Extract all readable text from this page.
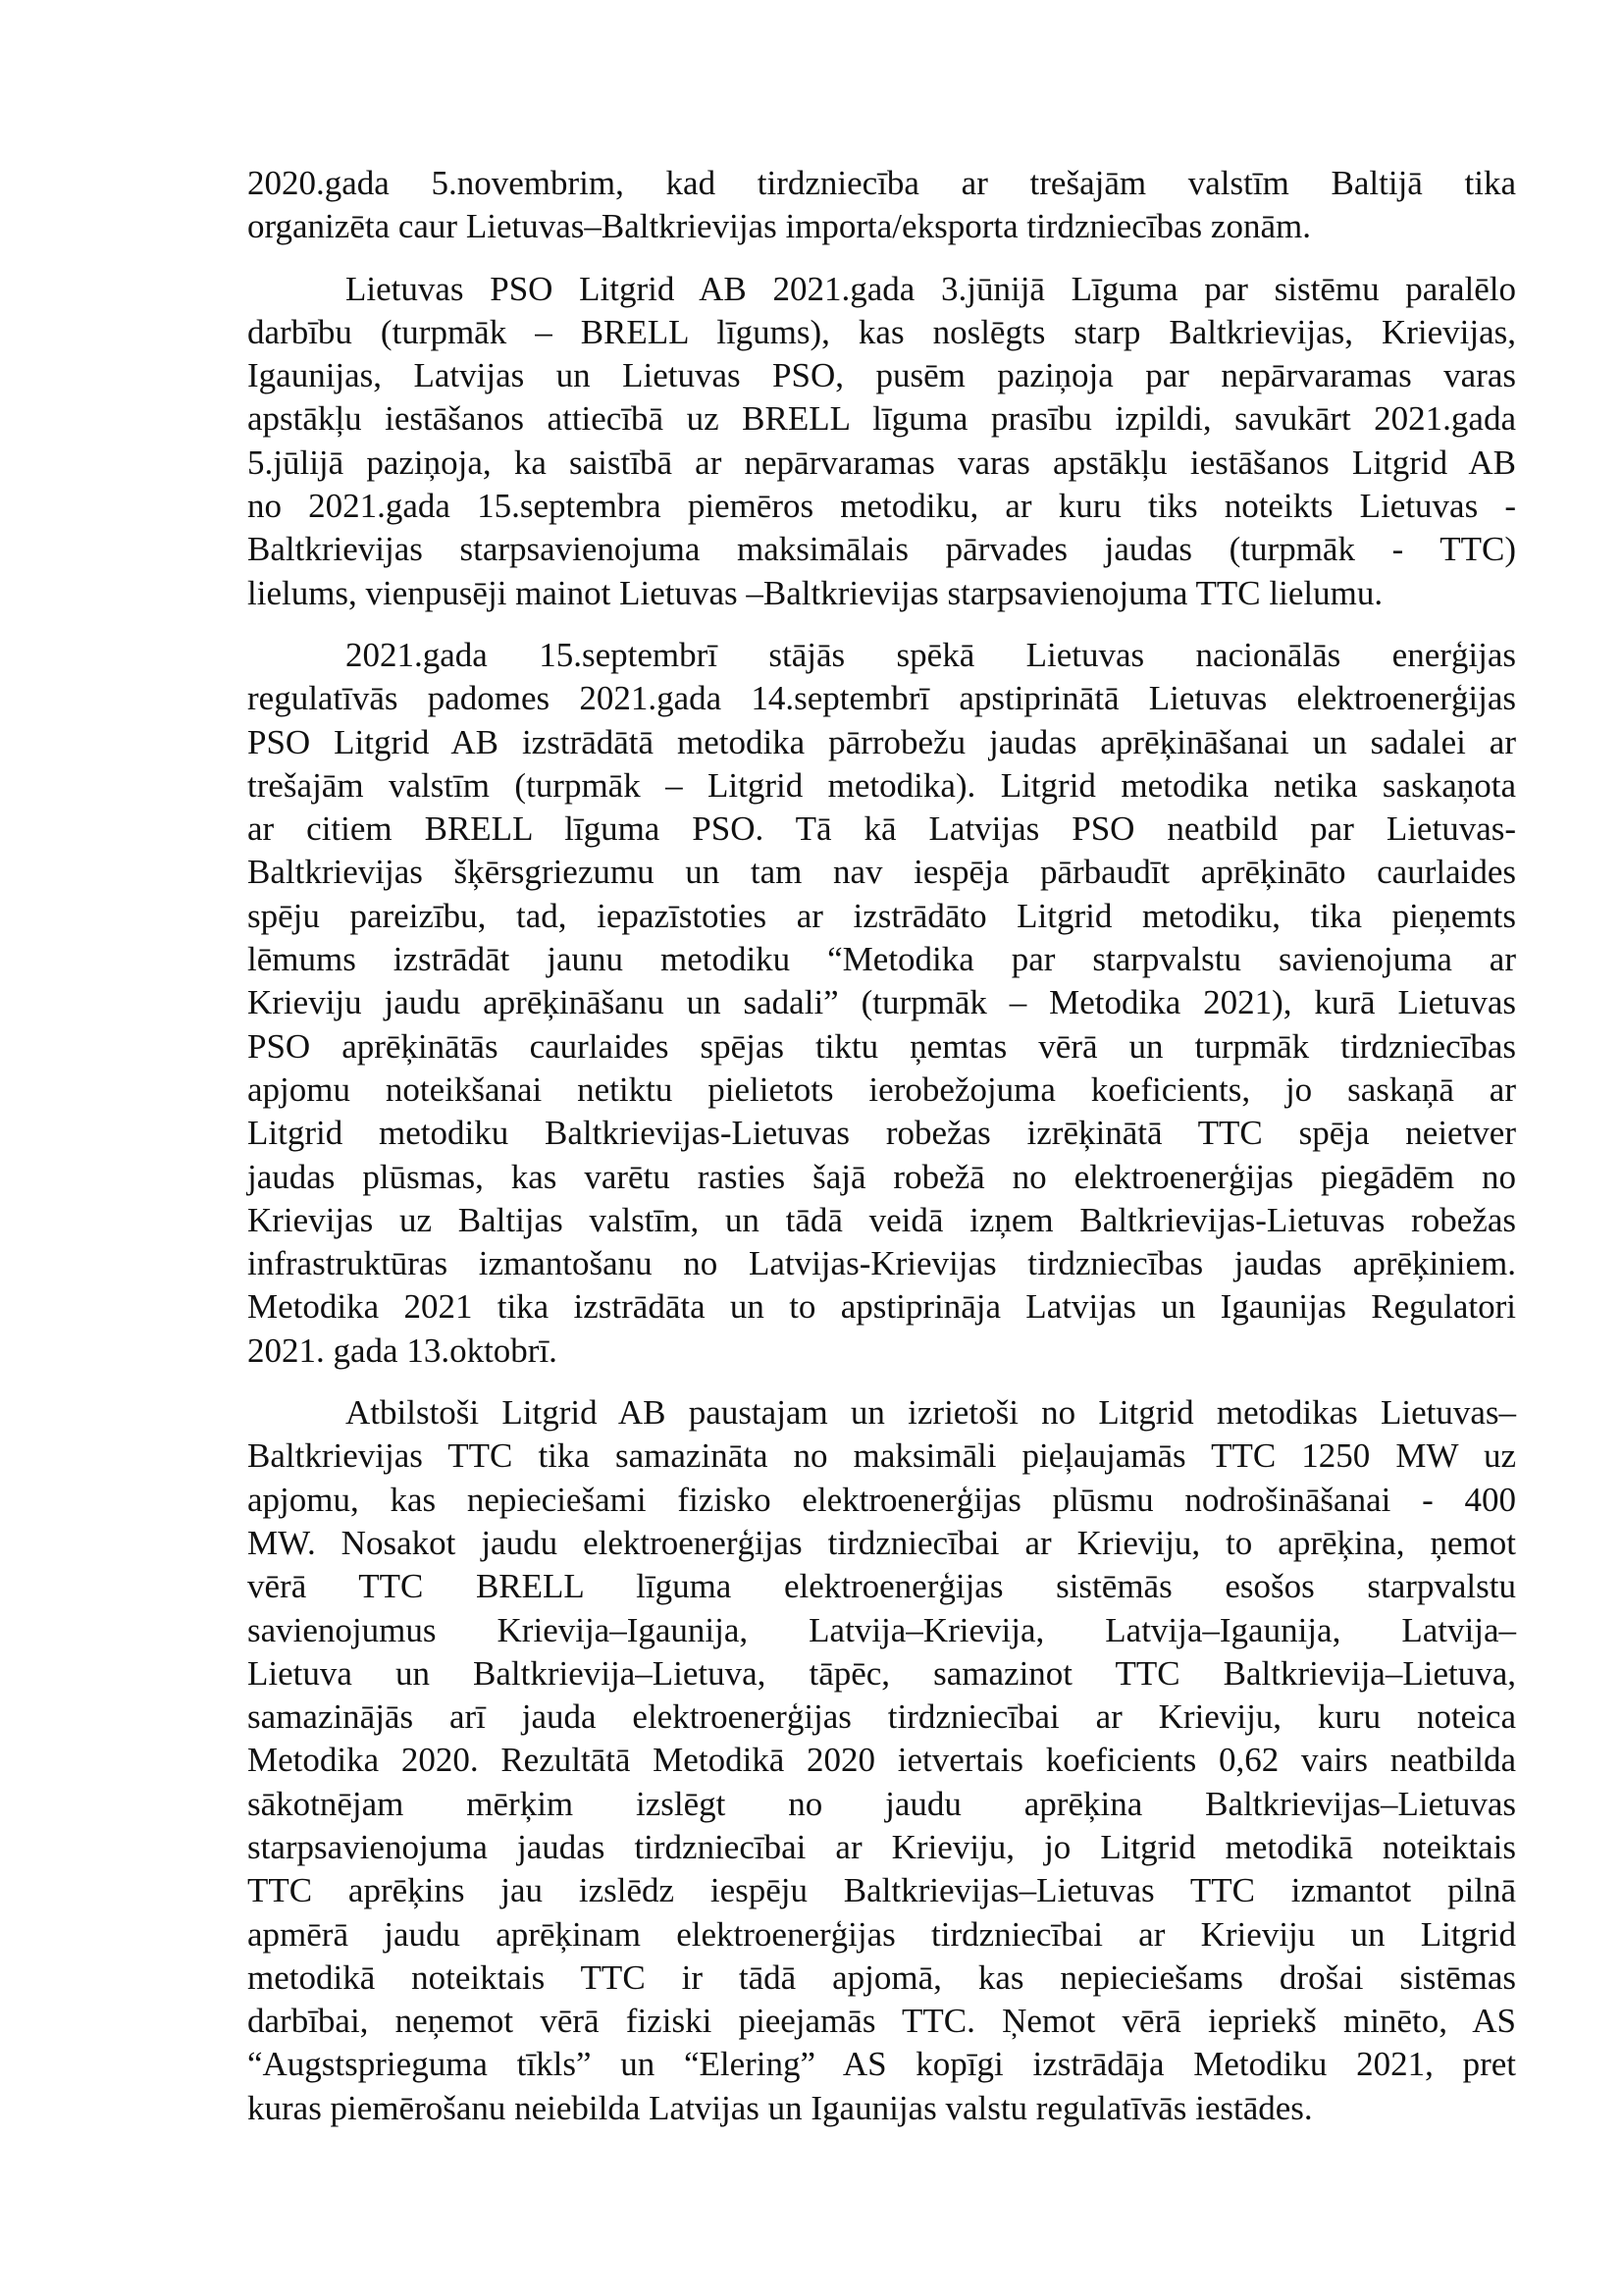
2020.gada 5.novembrim, kad tirdzniecība ar trešajām valstīm Baltijā tika
organizēta caur Lietuvas–Baltkrievijas importa/eksporta tirdzniecības zonām.
Lietuvas PSO Litgrid AB 2021.gada 3.jūnijā Līguma par sistēmu paralēlo
darbību (turpmāk – BRELL līgums), kas noslēgts starp Baltkrievijas, Krievijas,
Igaunijas, Latvijas un Lietuvas PSO, pusēm paziņoja par nepārvaramas varas
apstākļu iestāšanos attiecībā uz BRELL līguma prasību izpildi, savukārt 2021.gada
5.jūlijā paziņoja, ka saistībā ar nepārvaramas varas apstākļu iestāšanos Litgrid AB
no 2021.gada 15.septembra piemēros metodiku, ar kuru tiks noteikts Lietuvas -
Baltkrievijas starpsavienojuma maksimālais pārvades jaudas (turpmāk - TTC)
lielums, vienpusēji mainot Lietuvas –Baltkrievijas starpsavienojuma TTC lielumu.
2021.gada 15.septembrī stājās spēkā Lietuvas nacionālās enerģijas
regulatīvās padomes 2021.gada 14.septembrī apstiprinātā Lietuvas elektroenerģijas
PSO Litgrid AB izstrādātā metodika pārrobežu jaudas aprēķināšanai un sadalei ar
trešajām valstīm (turpmāk – Litgrid metodika). Litgrid metodika netika saskaņota
ar citiem BRELL līguma PSO. Tā kā Latvijas PSO neatbild par Lietuvas-
Baltkrievijas šķērsgriezumu un tam nav iespēja pārbaudīt aprēķināto caurlaides
spēju pareizību, tad, iepazīstoties ar izstrādāto Litgrid metodiku, tika pieņemts
lēmums izstrādāt jaunu metodiku “Metodika par starpvalstu savienojuma ar
Krieviju jaudu aprēķināšanu un sadali” (turpmāk – Metodika 2021), kurā Lietuvas
PSO aprēķinātās caurlaides spējas tiktu ņemtas vērā un turpmāk tirdzniecības
apjomu noteikšanai netiktu pielietots ierobežojuma koeficients, jo saskaņā ar
Litgrid metodiku Baltkrievijas-Lietuvas robežas izrēķinātā TTC spēja neietver
jaudas plūsmas, kas varētu rasties šajā robežā no elektroenerģijas piegādēm no
Krievijas uz Baltijas valstīm, un tādā veidā izņem Baltkrievijas-Lietuvas robežas
infrastruktūras izmantošanu no Latvijas-Krievijas tirdzniecības jaudas aprēķiniem.
Metodika 2021 tika izstrādāta un to apstiprināja Latvijas un Igaunijas Regulatori
2021. gada 13.oktobrī.
Atbilstoši Litgrid AB paustajam un izrietoši no Litgrid metodikas Lietuvas–
Baltkrievijas TTC tika samazināta no maksimāli pieļaujamās TTC 1250 MW uz
apjomu, kas nepieciešami fizisko elektroenerģijas plūsmu nodrošināšanai - 400
MW. Nosakot jaudu elektroenerģijas tirdzniecībai ar Krieviju, to aprēķina, ņemot
vērā TTC BRELL līguma elektroenerģijas sistēmās esošos starpvalstu
savienojumus Krievija–Igaunija, Latvija–Krievija, Latvija–Igaunija, Latvija–
Lietuva un Baltkrievija–Lietuva, tāpēc, samazinot TTC Baltkrievija–Lietuva,
samazinājās arī jauda elektroenerģijas tirdzniecībai ar Krieviju, kuru noteica
Metodika 2020. Rezultātā Metodikā 2020 ietvertais koeficients 0,62 vairs neatbilda
sākotnējam mērķim izslēgt no jaudu aprēķina Baltkrievijas–Lietuvas
starpsavienojuma jaudas tirdzniecībai ar Krieviju, jo Litgrid metodikā noteiktais
TTC aprēķins jau izslēdz iespēju Baltkrievijas–Lietuvas TTC izmantot pilnā
apmērā jaudu aprēķinam elektroenerģijas tirdzniecībai ar Krieviju un Litgrid
metodikā noteiktais TTC ir tādā apjomā, kas nepieciešams drošai sistēmas
darbībai, neņemot vērā fiziski pieejamās TTC. Ņemot vērā iepriekš minēto, AS
“Augstsprieguma tīkls” un “Elering” AS kopīgi izstrādāja Metodiku 2021, pret
kuras piemērošanu neiebilda Latvijas un Igaunijas valstu regulatīvās iestādes.
